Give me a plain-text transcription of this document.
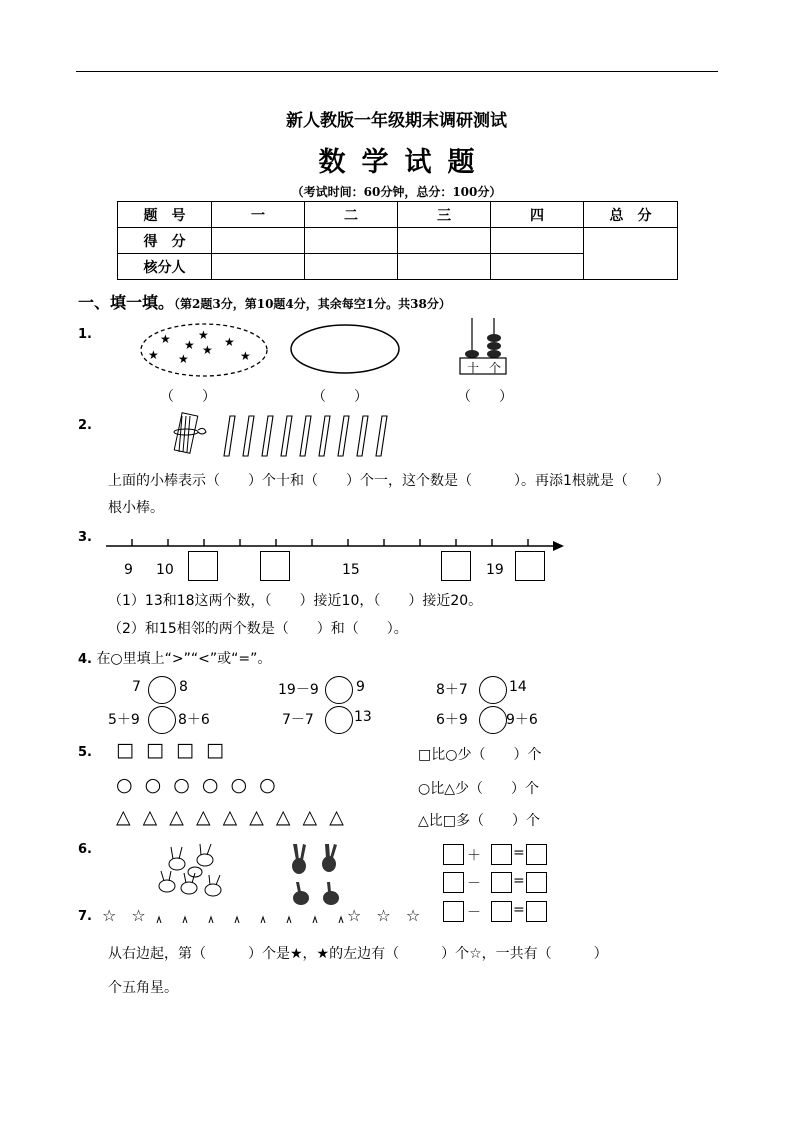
新人教版一年级期末调研测试
数学试题
（考试时间：60分钟，总分：100分）
题　号	一	二	三	四	总　分
得　分					
核分人					
一、填一填。（第2题3分，第10题4分，其余每空1分。共38分）
1.	★ ★
★ ★
★ ★
★ ★
十 个
（　　）	（　　）	（　　）
2.
上面的小棒表示（　　）个十和（　　）个一，这个数是（　　　）。再添1根就是（　　）
根小棒。
3.
9 10	15	19
（1）13和18这两个数，（　　）接近10，（　　）接近20。
（2）和15相邻的两个数是（　　）和（　　）。
4. 在○里填上“>”“<”或“=”。
7	8	19－9	9	8＋7	14
5＋9	8＋6	7－7	13	6＋9	9＋6
5. □ □ □ □
○ ○ ○ ○ ○ ○
△ △ △ △ △ △ △ △ △
□比○少（　　）个
○比△少（　　）个
△比□多（　　）个
6.	＋ =
－ =
－ =
7. ☆ ☆	☆ ☆ ☆
从右边起，第（　　　）个是★，★的左边有（　　　）个☆，一共有（　　　）
个五角星。
